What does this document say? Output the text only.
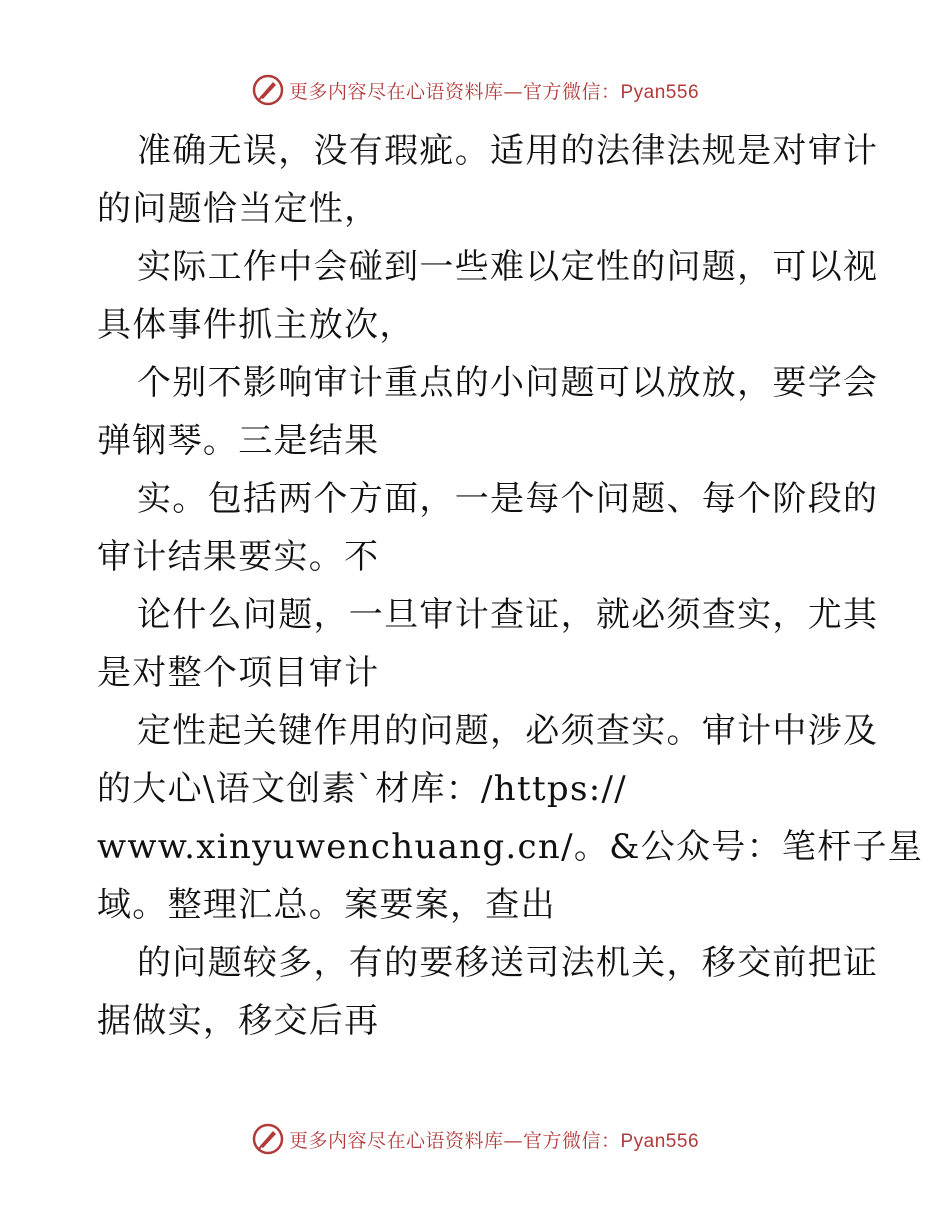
更多内容尽在心语资料库—官方微信：Pyan556

准确无误，没有瑕疵。适用的法律法规是对审计
的问题恰当定性，

实际工作中会碰到一些难以定性的问题，可以视
具体事件抓主放次，

个别不影响审计重点的小问题可以放放，要学会
弹钢琴。三是结果

实。包括两个方面，一是每个问题、每个阶段的
审计结果要实。不

论什么问题，一旦审计查证，就必须查实，尤其
是对整个项目审计

定性起关键作用的问题，必须查实。审计中涉及
的大心\语文创素`材库：/https://
www.xinyuwenchuang.cn/。&公众号：笔杆子星
域。整理汇总。案要案，查出

的问题较多，有的要移送司法机关，移交前把证
据做实，移交后再

更多内容尽在心语资料库—官方微信：Pyan556
